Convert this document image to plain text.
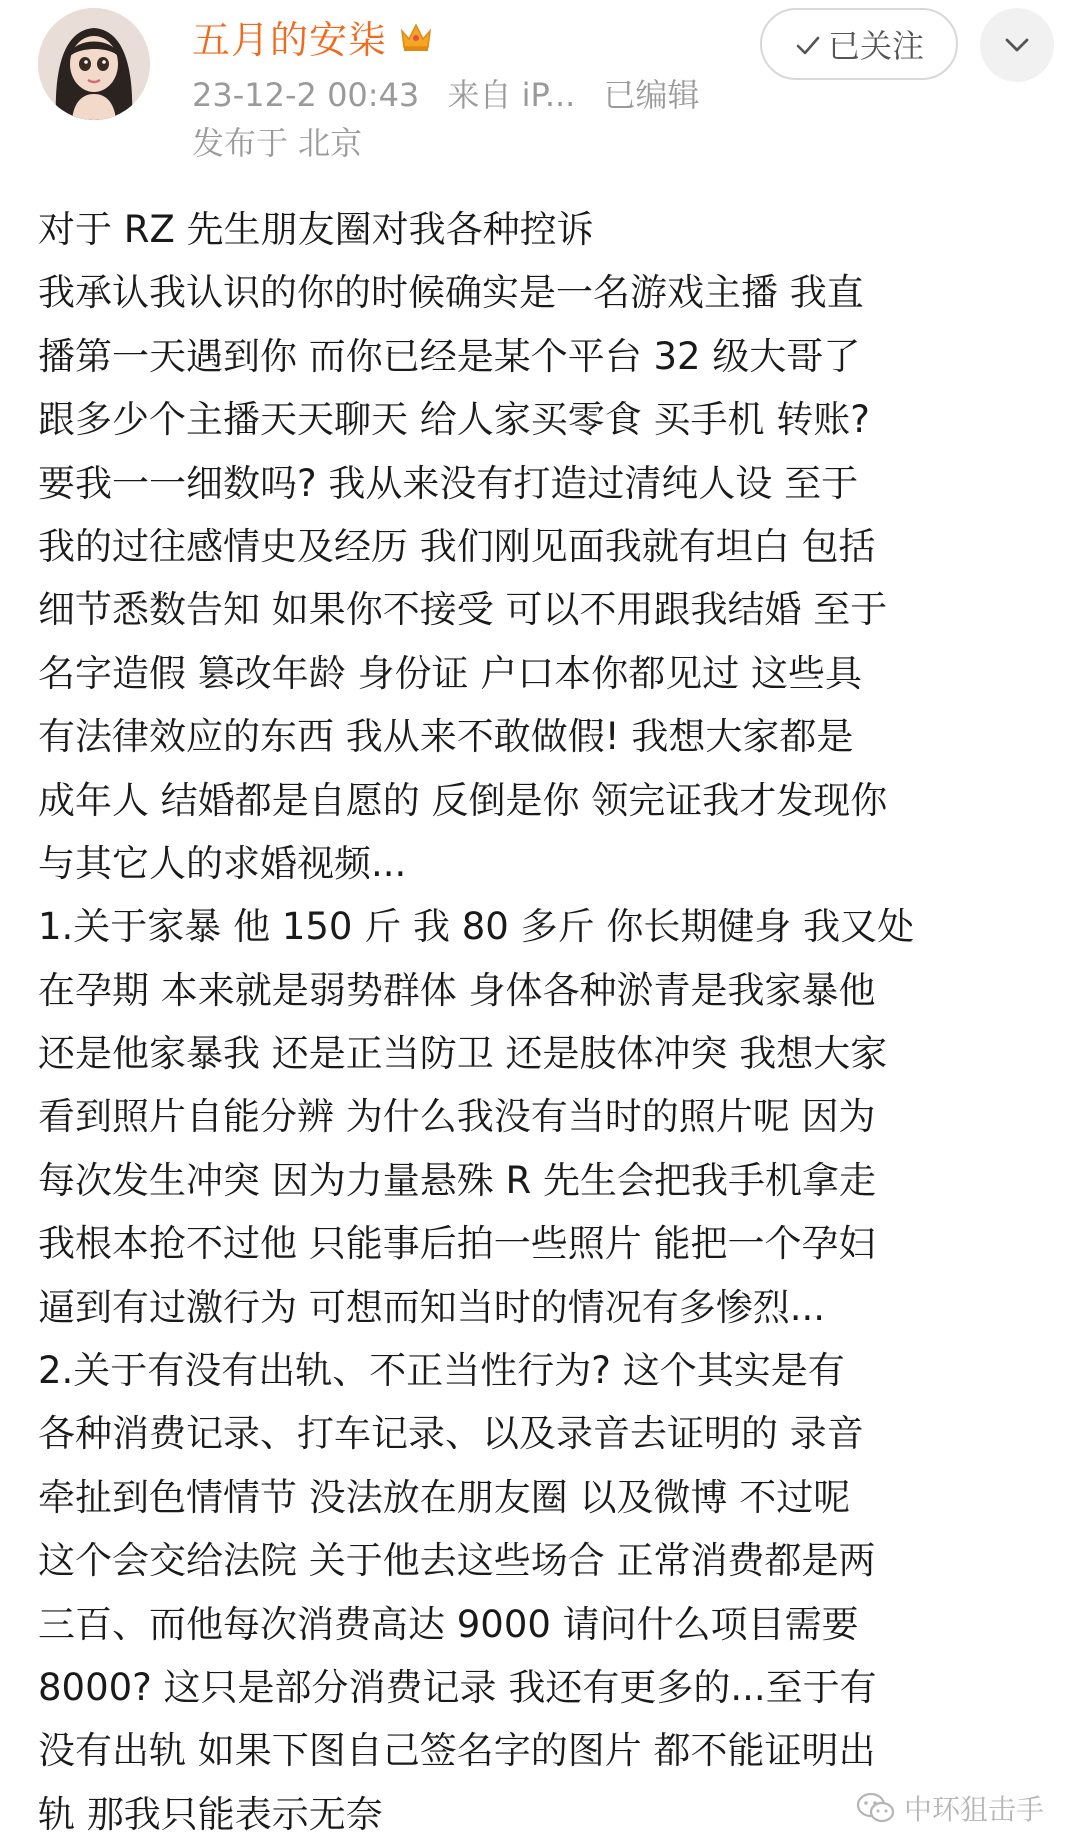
五月的安柒
23-12-2 00:43 来自 iP... 已编辑
发布于 北京
已关注
对于 RZ 先生朋友圈对我各种控诉
我承认我认识的你的时候确实是一名游戏主播 我直
播第一天遇到你 而你已经是某个平台 32 级大哥了
跟多少个主播天天聊天 给人家买零食 买手机 转账?
要我一一细数吗? 我从来没有打造过清纯人设 至于
我的过往感情史及经历 我们刚见面我就有坦白 包括
细节悉数告知 如果你不接受 可以不用跟我结婚 至于
名字造假 篡改年龄 身份证 户口本你都见过 这些具
有法律效应的东西 我从来不敢做假! 我想大家都是
成年人 结婚都是自愿的 反倒是你 领完证我才发现你
与其它人的求婚视频...
1.关于家暴 他 150 斤 我 80 多斤 你长期健身 我又处
在孕期 本来就是弱势群体 身体各种淤青是我家暴他
还是他家暴我 还是正当防卫 还是肢体冲突 我想大家
看到照片自能分辨 为什么我没有当时的照片呢 因为
每次发生冲突 因为力量悬殊 R 先生会把我手机拿走
我根本抢不过他 只能事后拍一些照片 能把一个孕妇
逼到有过激行为 可想而知当时的情况有多惨烈...
2.关于有没有出轨、不正当性行为? 这个其实是有
各种消费记录、打车记录、以及录音去证明的 录音
牵扯到色情情节 没法放在朋友圈 以及微博 不过呢
这个会交给法院 关于他去这些场合 正常消费都是两
三百、而他每次消费高达 9000 请问什么项目需要
8000? 这只是部分消费记录 我还有更多的...至于有
没有出轨 如果下图自己签名字的图片 都不能证明出
轨 那我只能表示无奈	中环狙击手
